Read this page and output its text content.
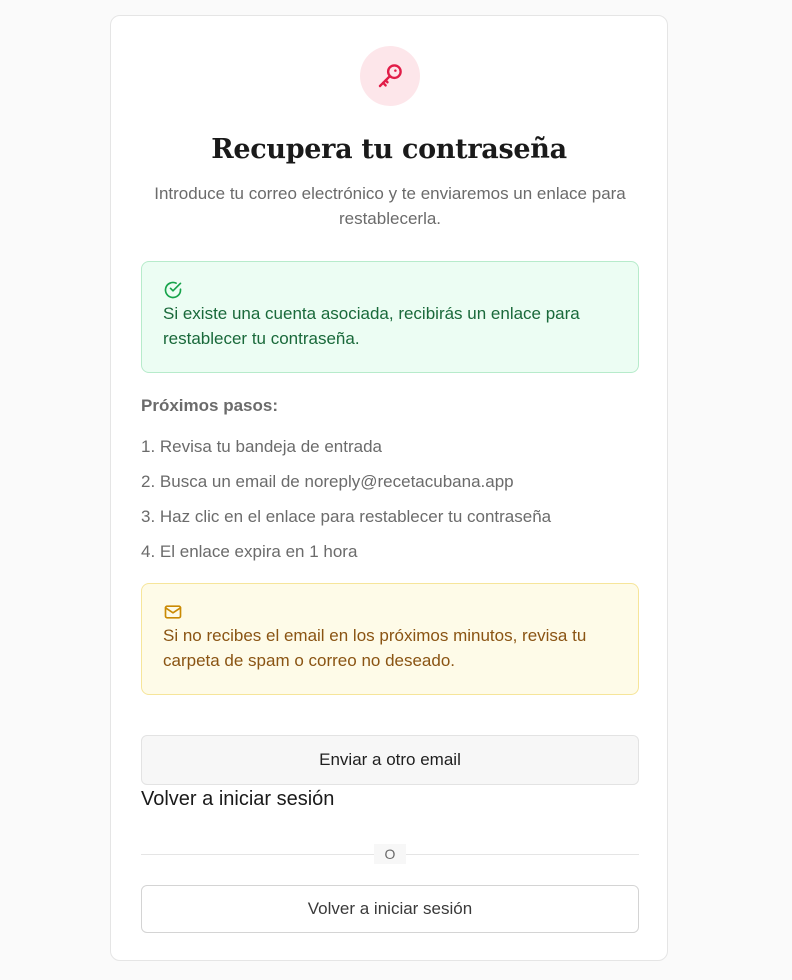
Recupera tu contraseña

Introduce tu correo electrónico y te enviaremos un enlace para restablecerla.

Si existe una cuenta asociada, recibirás un enlace para restablecer tu contraseña.

Próximos pasos:

1. Revisa tu bandeja de entrada
2. Busca un email de noreply@recetacubana.app
3. Haz clic en el enlace para restablecer tu contraseña
4. El enlace expira en 1 hora
Si no recibes el email en los próximos minutos, revisa tu carpeta de spam o correo no deseado.
Enviar a otro email
Volver a iniciar sesión
O
Volver a iniciar sesión
